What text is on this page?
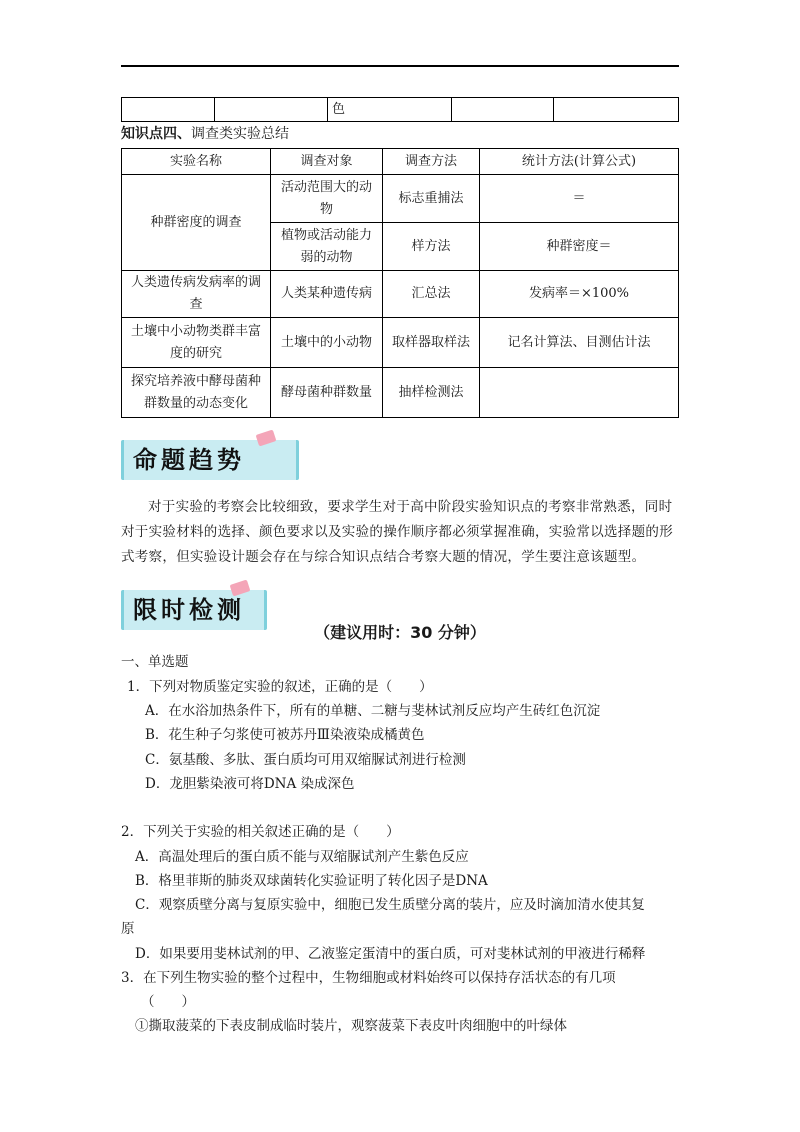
		色		
知识点四、调查类实验总结
实验名称	调查对象	调查方法	统计方法(计算公式)
种群密度的调查	活动范围大的动物	标志重捕法	＝
	植物或活动能力弱的动物	样方法	种群密度＝
人类遗传病发病率的调查	人类某种遗传病	汇总法	发病率＝×100%
土壤中小动物类群丰富度的研究	土壤中的小动物	取样器取样法	记名计算法、目测估计法
探究培养液中酵母菌种群数量的动态变化	酵母菌种群数量	抽样检测法	
命题趋势
对于实验的考察会比较细致，要求学生对于高中阶段实验知识点的考察非常熟悉，同时对于实验材料的选择、颜色要求以及实验的操作顺序都必须掌握准确，实验常以选择题的形式考察，但实验设计题会存在与综合知识点结合考察大题的情况，学生要注意该题型。
限时检测
（建议用时：30 分钟）
一、单选题
1．下列对物质鉴定实验的叙述，正确的是（　　）
A．在水浴加热条件下，所有的单糖、二糖与斐林试剂反应均产生砖红色沉淀
B．花生种子匀浆使可被苏丹Ⅲ染液染成橘黄色
C．氨基酸、多肽、蛋白质均可用双缩脲试剂进行检测
D．龙胆紫染液可将DNA 染成深色
2．下列关于实验的相关叙述正确的是（　　）
A．高温处理后的蛋白质不能与双缩脲试剂产生紫色反应
B．格里菲斯的肺炎双球菌转化实验证明了转化因子是DNA
C．观察质壁分离与复原实验中，细胞已发生质壁分离的装片，应及时滴加清水使其复
原
D．如果要用斐林试剂的甲、乙液鉴定蛋清中的蛋白质，可对斐林试剂的甲液进行稀释
3．在下列生物实验的整个过程中，生物细胞或材料始终可以保持存活状态的有几项
（　　）
①撕取菠菜的下表皮制成临时装片，观察菠菜下表皮叶肉细胞中的叶绿体
